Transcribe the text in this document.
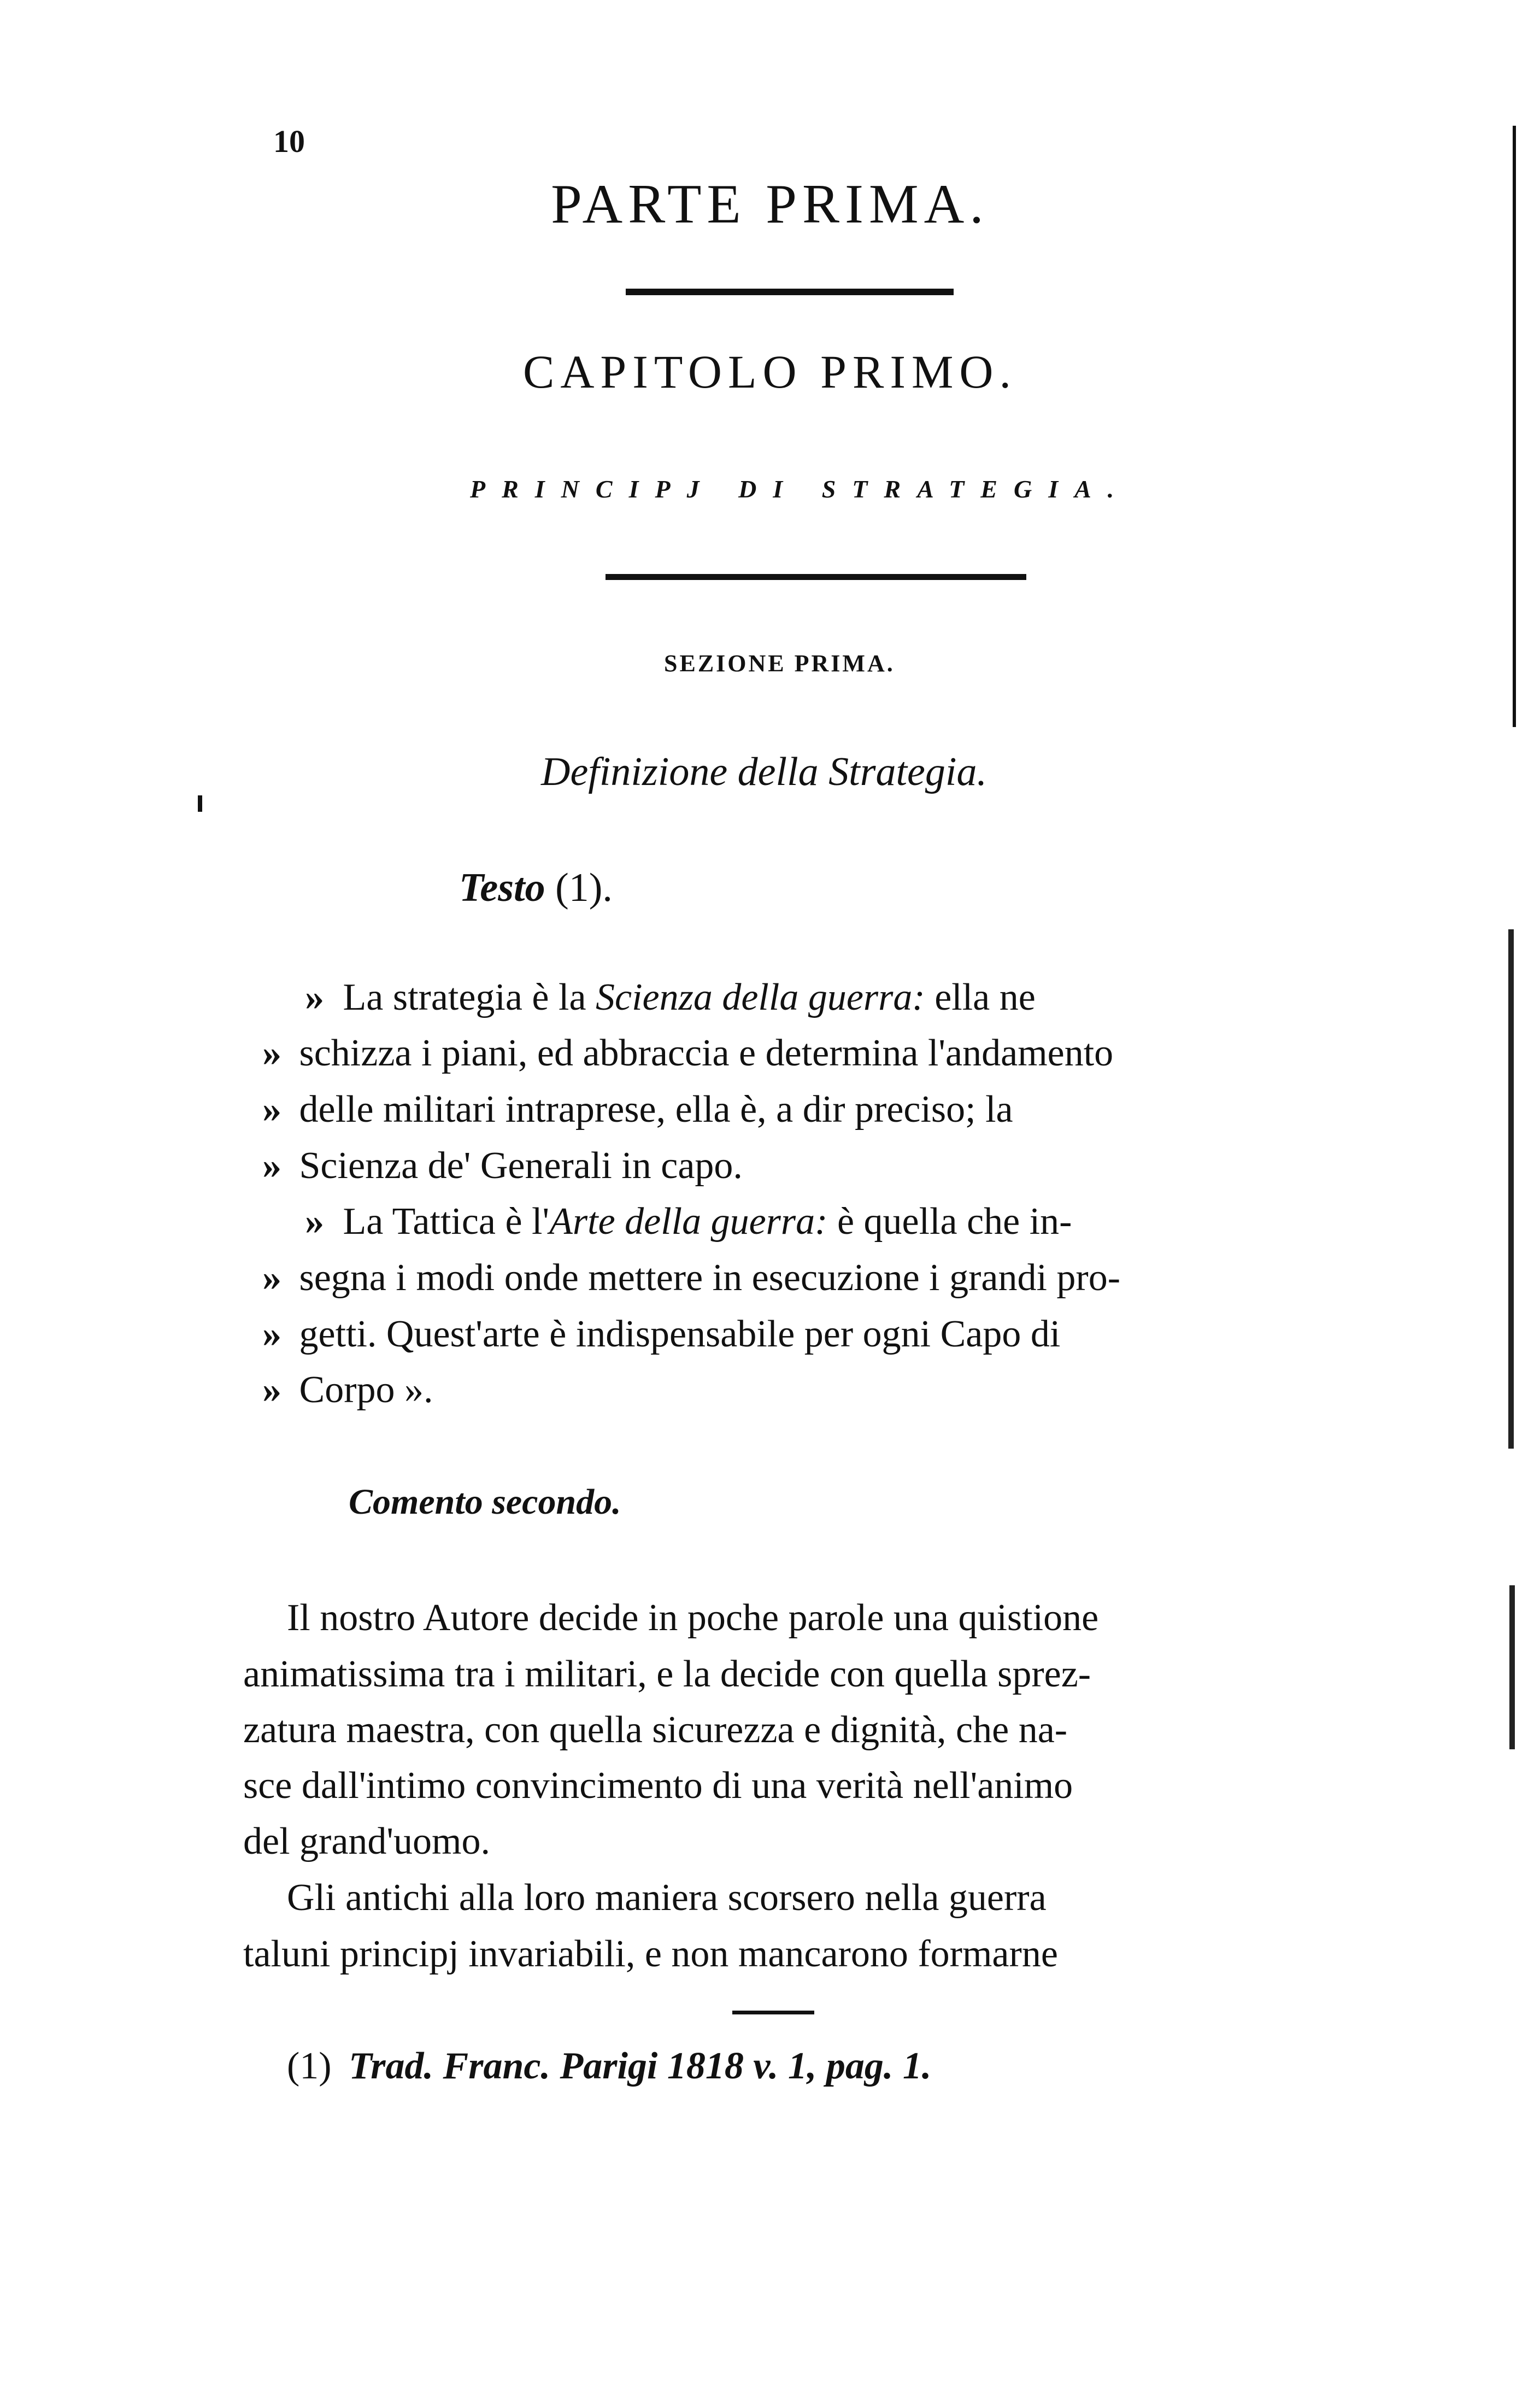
10
PARTE PRIMA.
CAPITOLO PRIMO.
PRINCIPJ DI STRATEGIA.
SEZIONE PRIMA.
Definizione della Strategia.
Testo (1).
» La strategia è la Scienza della guerra: ella ne
» schizza i piani, ed abbraccia e determina l'andamento
» delle militari intraprese, ella è, a dir preciso; la
» Scienza de' Generali in capo.
» La Tattica è l'Arte della guerra: è quella che in-
» segna i modi onde mettere in esecuzione i grandi pro-
» getti. Quest'arte è indispensabile per ogni Capo di
» Corpo ».
Comento secondo.
Il nostro Autore decide in poche parole una quistione
animatissima tra i militari, e la decide con quella sprez-
zatura maestra, con quella sicurezza e dignità, che na-
sce dall'intimo convincimento di una verità nell'animo
del grand'uomo.
Gli antichi alla loro maniera scorsero nella guerra
taluni principj invariabili, e non mancarono formarne
(1) Trad. Franc. Parigi 1818 v. 1, pag. 1.
